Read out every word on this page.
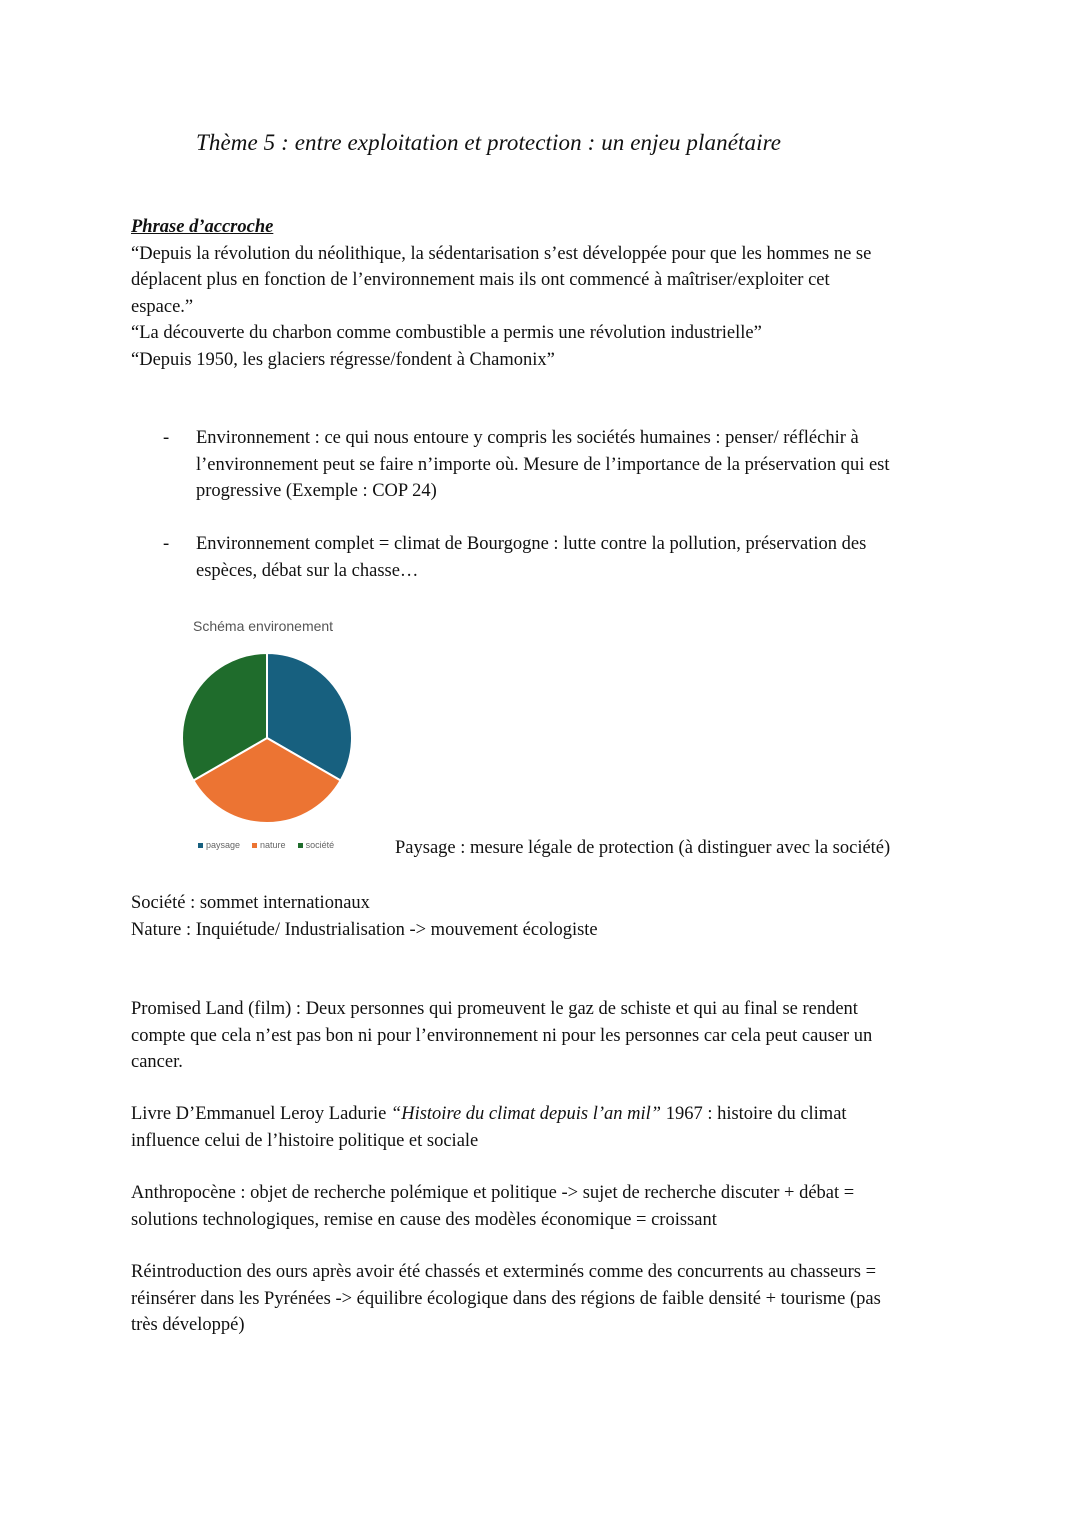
Thème 5 : entre exploitation et protection : un enjeu planétaire
Phrase d’accroche
“Depuis la révolution du néolithique, la sédentarisation s’est développée pour que les hommes ne se
déplacent plus en fonction de l’environnement mais ils ont commencé à maîtriser/exploiter cet
espace.”
“La découverte du charbon comme combustible a permis une révolution industrielle”
“Depuis 1950, les glaciers régresse/fondent à Chamonix”
- Environnement : ce qui nous entoure y compris les sociétés humaines : penser/ réfléchir à
l’environnement peut se faire n’importe où. Mesure de l’importance de la préservation qui est
progressive (Exemple : COP 24)
- Environnement complet = climat de Bourgogne : lutte contre la pollution, préservation des
espèces, débat sur la chasse…
Schéma environement
paysage nature société	Paysage : mesure légale de protection (à distinguer avec la société)
Société : sommet internationaux
Nature : Inquiétude/ Industrialisation -> mouvement écologiste
Promised Land (film) : Deux personnes qui promeuvent le gaz de schiste et qui au final se rendent
compte que cela n’est pas bon ni pour l’environnement ni pour les personnes car cela peut causer un
cancer.
Livre D’Emmanuel Leroy Ladurie “Histoire du climat depuis l’an mil” 1967 : histoire du climat
influence celui de l’histoire politique et sociale
Anthropocène : objet de recherche polémique et politique -> sujet de recherche discuter + débat =
solutions technologiques, remise en cause des modèles économique = croissant
Réintroduction des ours après avoir été chassés et exterminés comme des concurrents au chasseurs =
réinsérer dans les Pyrénées -> équilibre écologique dans des régions de faible densité + tourisme (pas
très développé)
